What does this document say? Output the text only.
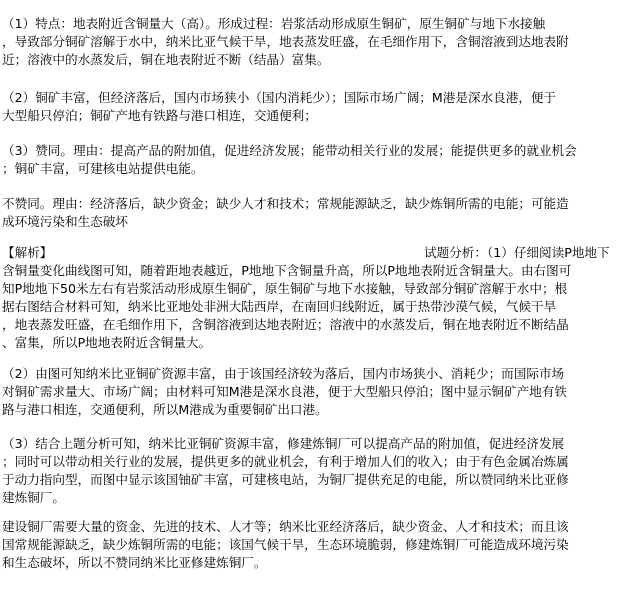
（1）特点：地表附近含铜量大（高）。形成过程：岩浆活动形成原生铜矿，原生铜矿与地下水接触
，导致部分铜矿溶解于水中，纳米比亚气候干旱，地表蒸发旺盛，在毛细作用下，含铜溶液到达地表附
近；溶液中的水蒸发后，铜在地表附近不断（结晶）富集。
（2）铜矿丰富，但经济落后，国内市场狭小（国内消耗少）；国际市场广阔；M港是深水良港，便于
大型船只停泊；铜矿产地有铁路与港口相连，交通便利；
（3）赞同。理由：提高产品的附加值，促进经济发展；能带动相关行业的发展；能提供更多的就业机会
；铜矿丰富，可建核电站提供电能。
不赞同。理由：经济落后，缺少资金；缺少人才和技术；常规能源缺乏，缺少炼铜所需的电能；可能造
成环境污染和生态破坏
【解析】	试题分析：（1）仔细阅读P地地下
含铜量变化曲线图可知，随着距地表越近，P地地下含铜量升高，所以P地地表附近含铜量大。由右图可
知P地地下50米左右有岩浆活动形成原生铜矿，原生铜矿与地下水接触，导致部分铜矿溶解于水中；根
据右图结合材料可知，纳米比亚地处非洲大陆西岸，在南回归线附近，属于热带沙漠气候，气候干旱
，地表蒸发旺盛，在毛细作用下，含铜溶液到达地表附近；溶液中的水蒸发后，铜在地表附近不断结晶
、富集，所以P地地表附近含铜量大。
（2）由图可知纳米比亚铜矿资源丰富，由于该国经济较为落后，国内市场狭小、消耗少；而国际市场
对铜矿需求量大、市场广阔；由材料可知M港是深水良港，便于大型船只停泊；图中显示铜矿产地有铁
路与港口相连，交通便利，所以M港成为重要铜矿出口港。
（3）结合上题分析可知，纳米比亚铜矿资源丰富，修建炼铜厂可以提高产品的附加值，促进经济发展
；同时可以带动相关行业的发展，提供更多的就业机会，有利于增加人们的收入；由于有色金属冶炼属
于动力指向型，而图中显示该国铀矿丰富，可建核电站，为铜厂提供充足的电能，所以赞同纳米比亚修
建炼铜厂。
建设铜厂需要大量的资金、先进的技术、人才等；纳米比亚经济落后，缺少资金、人才和技术；而且该
国常规能源缺乏，缺少炼铜所需的电能；该国气候干旱，生态环境脆弱，修建炼铜厂可能造成环境污染
和生态破坏，所以不赞同纳米比亚修建炼铜厂。
